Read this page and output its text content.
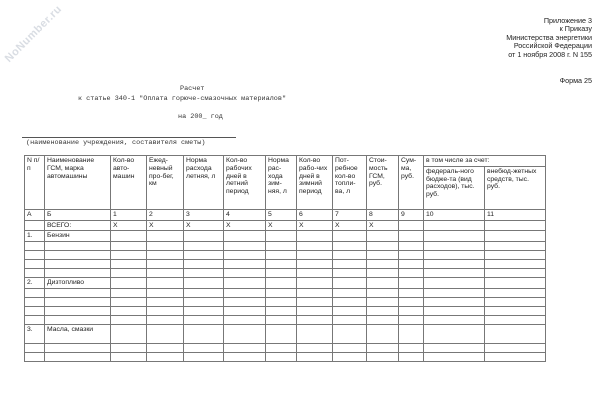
NoNumber.ru	Приложение 3
к Приказу
Министерства энергетики
Российской Федерации
от 1 ноября 2008 г. N 155
Форма 25
Расчет
к статье 340-1 "Оплата горюче-смазочных материалов"
на 200_ год
(наименование учреждения, составителя сметы)
N п/п	Наименование ГСМ, марка автомашины	Кол-во авто-машин	Ежед-невный про-бег, км	Норма расхода летняя, л	Кол-во рабочих дней в летний период	Норма рас-хода зим-няя, л	Кол-во рабо-чих дней в зимний период	Пот-ребное кол-во топли-ва, л	Стои-мость ГСМ, руб.	Сум-ма, руб.	в том числе за счет:	
											федераль-ного бюдже-та (вид расходов), тыс. руб.	внебюд-жетных средств, тыс. руб.
А	Б	1	2	3	4	5	6	7	8	9	10	11
	ВСЕГО:	Х	Х	Х	Х	Х	Х	Х	Х			
1.	Бензин											

2.	Дизтопливо											

3.	Масла, смазки											
